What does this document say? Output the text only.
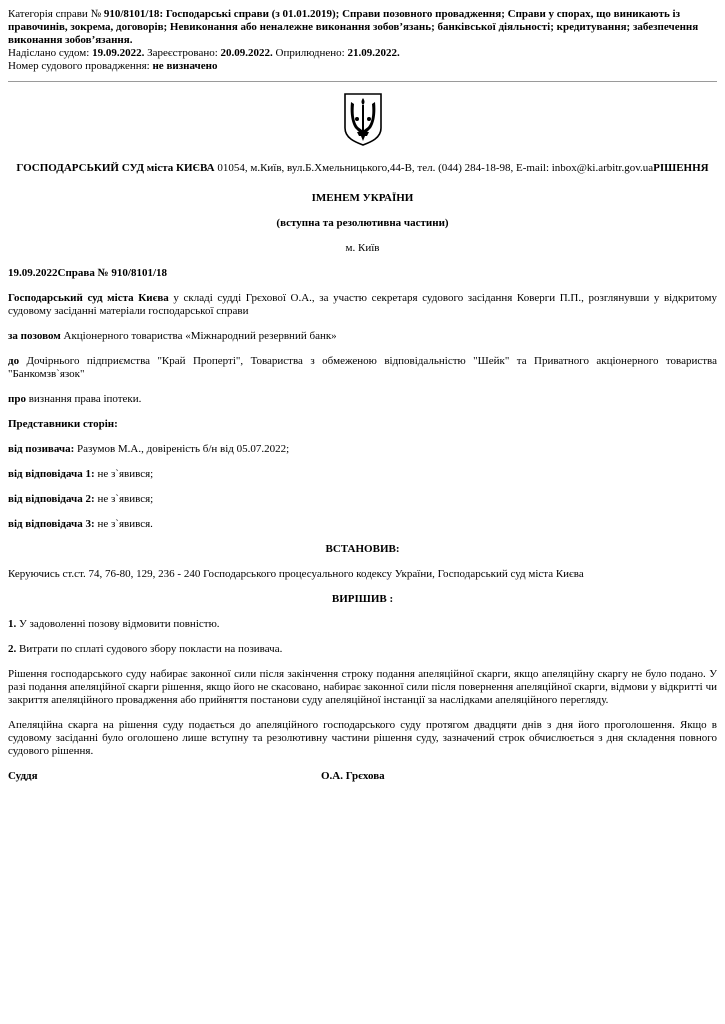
Категорія справи № 910/8101/18: Господарські справи (з 01.01.2019); Справи позовного провадження; Справи у спорах, що виникають із правочинів, зокрема, договорів; Невиконання або неналежне виконання зобов’язань; банківської діяльності; кредитування; забезпечення виконання зобов’язання.

Надіслано судом: 19.09.2022. Зареєстровано: 20.09.2022. Оприлюднено: 21.09.2022.

Номер судового провадження: не визначено

ГОСПОДАРСЬКИЙ СУД міста КИЄВА 01054, м.Київ, вул.Б.Хмельницького,44-В, тел. (044) 284-18-98, E-mail: inbox@ki.arbitr.gov.uaРІШЕННЯ

ІМЕНЕМ УКРАЇНИ

(вступна та резолютивна частини)

м. Київ

19.09.2022Справа № 910/8101/18

Господарський суд міста Києва у складі судді Грєхової О.А., за участю секретаря судового засідання Коверги П.П., розглянувши у відкритому судовому засіданні матеріали господарської справи

за позовом Акціонерного товариства «Міжнародний резервний банк»

до Дочірнього підприємства "Край Проперті", Товариства з обмеженою відповідальністю "Шейк" та Приватного акціонерного товариства "Банкомзв`язок"

про визнання права іпотеки.

Представники сторін:

від позивача: Разумов М.А., довіреність б/н від 05.07.2022;

від відповідача 1: не з`явився;

від відповідача 2: не з`явився;

від відповідача 3: не з`явився.

ВСТАНОВИВ:

Керуючись ст.ст. 74, 76-80, 129, 236 - 240 Господарського процесуального кодексу України, Господарський суд міста Києва

ВИРІШИВ :

1. У задоволенні позову відмовити повністю.

2. Витрати по сплаті судового збору покласти на позивача.

Рішення господарського суду набирає законної сили після закінчення строку подання апеляційної скарги, якщо апеляційну скаргу не було подано. У разі подання апеляційної скарги рішення, якщо його не скасовано, набирає законної сили після повернення апеляційної скарги, відмови у відкритті чи закриття апеляційного провадження або прийняття постанови суду апеляційної інстанції за наслідками апеляційного перегляду.

Апеляційна скарга на рішення суду подається до апеляційного господарського суду протягом двадцяти днів з дня його проголошення. Якщо в судовому засіданні було оголошено лише вступну та резолютивну частини рішення суду, зазначений строк обчислюється з дня складення повного судового рішення.

Суддя	О.А. Грєхова
